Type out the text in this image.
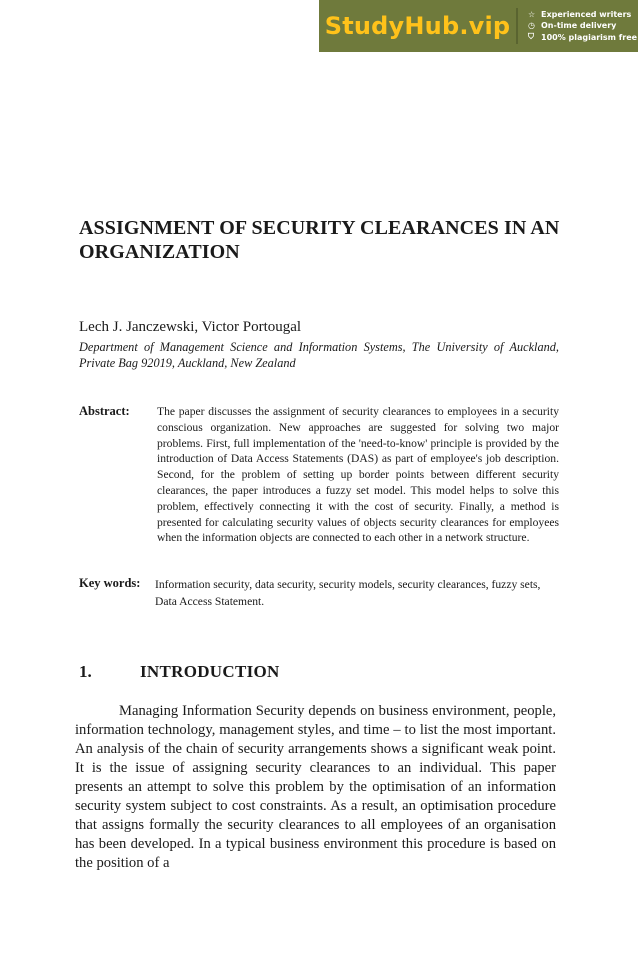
StudyHub.vip	☆ Experienced writers
◷ On-time delivery
⛉ 100% plagiarism free
ASSIGNMENT OF SECURITY CLEARANCES IN AN ORGANIZATION

Lech J. Janczewski, Victor Portougal

Department of Management Science and Information Systems, The University of Auckland, Private Bag 92019, Auckland, New Zealand

Abstract: The paper discusses the assignment of security clearances to employees in a security conscious organization. New approaches are suggested for solving two major problems. First, full implementation of the 'need-to-know' principle is provided by the introduction of Data Access Statements (DAS) as part of employee's job description. Second, for the problem of setting up border points between different security clearances, the paper introduces a fuzzy set model. This model helps to solve this problem, effectively connecting it with the cost of security. Finally, a method is presented for calculating security values of objects security clearances for employees when the information objects are connected to each other in a network structure.

Key words: Information security, data security, security models, security clearances, fuzzy sets, Data Access Statement.

1.	INTRODUCTION

Managing Information Security depends on business environment, people, information technology, management styles, and time – to list the most important. An analysis of the chain of security arrangements shows a significant weak point. It is the issue of assigning security clearances to an individual. This paper presents an attempt to solve this problem by the optimisation of an information security system subject to cost constraints. As a result, an optimisation procedure that assigns formally the security clearances to all employees of an organisation has been developed. In a typical business environment this procedure is based on the position of a
